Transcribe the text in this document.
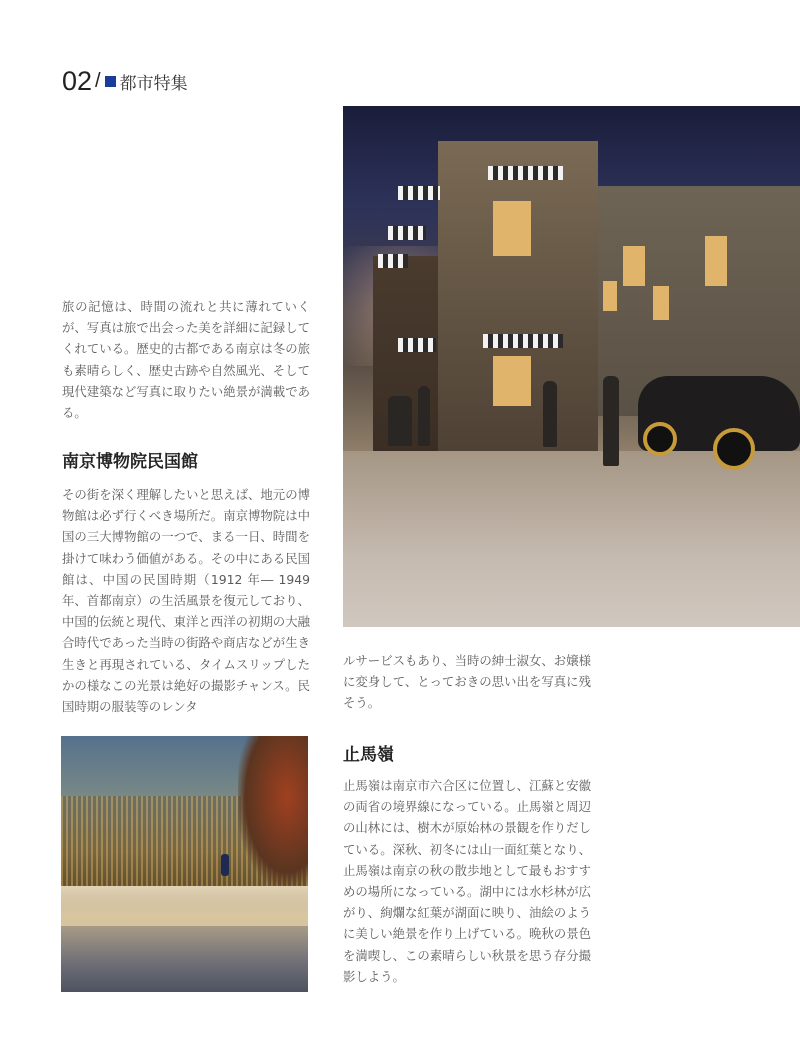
02 / 都市特集
旅の記憶は、時間の流れと共に薄れていくが、写真は旅で出会った美を詳細に記録してくれている。歴史的古都である南京は冬の旅も素晴らしく、歴史古跡や自然風光、そして現代建築など写真に取りたい絶景が満載である。
南京博物院民国館
その街を深く理解したいと思えば、地元の博物館は必ず行くべき場所だ。南京博物院は中国の三大博物館の一つで、まる一日、時間を掛けて味わう価値がある。その中にある民国館は、中国の民国時期（1912 年― 1949 年、首都南京）の生活風景を復元しており、中国的伝統と現代、東洋と西洋の初期の大融合時代であった当時の街路や商店などが生き生きと再現されている、タイムスリップしたかの様なこの光景は絶好の撮影チャンス。民国時期の服装等のレンタ
ルサービスもあり、当時の紳士淑女、お嬢様に変身して、とっておきの思い出を写真に残そう。
止馬嶺
止馬嶺は南京市六合区に位置し、江蘇と安徽の両省の境界線になっている。止馬嶺と周辺の山林には、樹木が原始林の景観を作りだしている。深秋、初冬には山一面紅葉となり、止馬嶺は南京の秋の散歩地として最もおすすめの場所になっている。湖中には水杉林が広がり、絢爛な紅葉が湖面に映り、油絵のように美しい絶景を作り上げている。晩秋の景色を満喫し、この素晴らしい秋景を思う存分撮影しよう。
